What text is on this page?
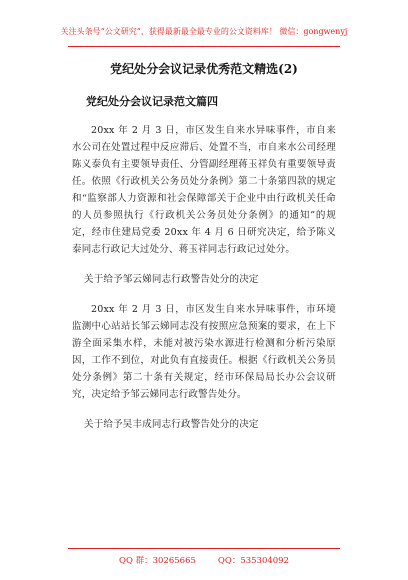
关注头条号“公文研究”，获得最新最全最专业的公文资料库！ 微信：gongwenyj
党纪处分会议记录优秀范文精选(2)
党纪处分会议记录范文篇四

20xx 年 2 月 3 日，市区发生自来水异味事件，市自来水公司在处置过程中反应滞后、处置不当，市自来水公司经理陈义泰负有主要领导责任、分管副经理蒋玉祥负有重要领导责任。依照《行政机关公务员处分条例》第二十条第四款的规定和“监察部人力资源和社会保障部关于企业中由行政机关任命的人员参照执行《行政机关公务员处分条例》的通知”的规定，经市住建局党委 20xx 年 4 月 6 日研究决定，给予陈义泰同志行政记大过处分、蒋玉祥同志行政记过处分。

关于给予邹云娣同志行政警告处分的决定

20xx 年 2 月 3 日，市区发生自来水异味事件，市环境监测中心站站长邹云娣同志没有按照应急预案的要求，在上下游全面采集水样，未能对被污染水源进行检测和分析污染原因，工作不到位，对此负有直接责任。根据《行政机关公务员处分条例》第二十条有关规定，经市环保局局长办公会议研究，决定给予邹云娣同志行政警告处分。

关于给予吴丰成同志行政警告处分的决定
QQ 群：30265665	QQ：535304092
